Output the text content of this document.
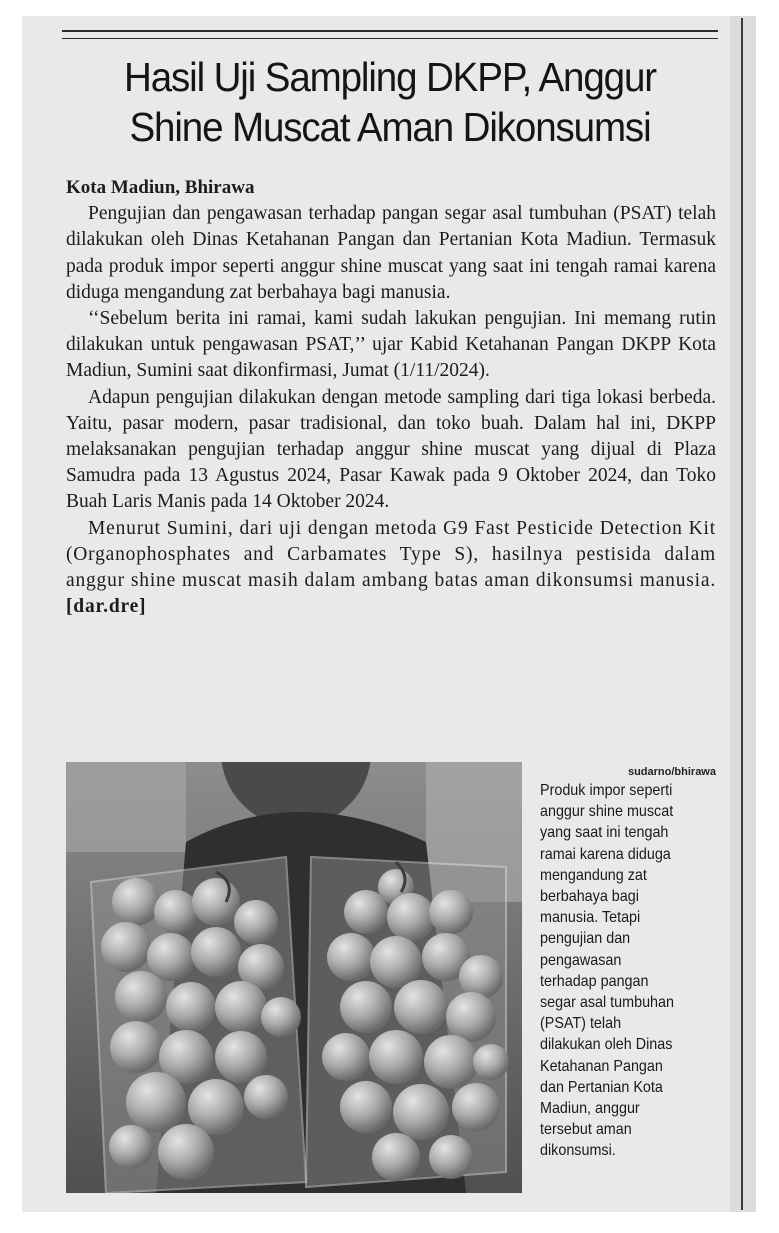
Hasil Uji Sampling DKPP, Anggur
Shine Muscat Aman Dikonsumsi
Kota Madiun, Bhirawa

Pengujian dan pengawasan terhadap pangan segar asal tumbuhan (PSAT) telah dilakukan oleh Dinas Ketahanan Pangan dan Pertanian Kota Madiun. Termasuk pada produk impor seperti anggur shine muscat yang saat ini tengah ramai karena diduga mengandung zat berbahaya bagi manusia.

‘‘Sebelum berita ini ramai, kami sudah lakukan pengujian. Ini memang rutin dilakukan untuk pengawasan PSAT,’’ ujar Kabid Ketahanan Pangan DKPP Kota Madiun, Sumini saat dikonfirmasi, Jumat (1/11/2024).

Adapun pengujian dilakukan dengan metode sampling dari tiga lokasi berbeda. Yaitu, pasar modern, pasar tradisional, dan toko buah. Dalam hal ini, DKPP melaksanakan pengujian terhadap anggur shine muscat yang dijual di Plaza Samudra pada 13 Agustus 2024, Pasar Kawak pada 9 Oktober 2024, dan Toko Buah Laris Manis pada 14 Oktober 2024.

Menurut Sumini, dari uji dengan metoda G9 Fast Pesticide Detection Kit (Organophosphates and Carbamates Type S), hasilnya pestisida dalam anggur shine muscat masih dalam ambang batas aman dikonsumsi manusia. [dar.dre]

sudarno/bhirawa
Produk impor seperti
anggur shine muscat
yang saat ini tengah
ramai karena diduga
mengandung zat
berbahaya bagi
manusia. Tetapi
pengujian dan
pengawasan
terhadap pangan
segar asal tumbuhan
(PSAT) telah
dilakukan oleh Dinas
Ketahanan Pangan
dan Pertanian Kota
Madiun, anggur
tersebut aman
dikonsumsi.
